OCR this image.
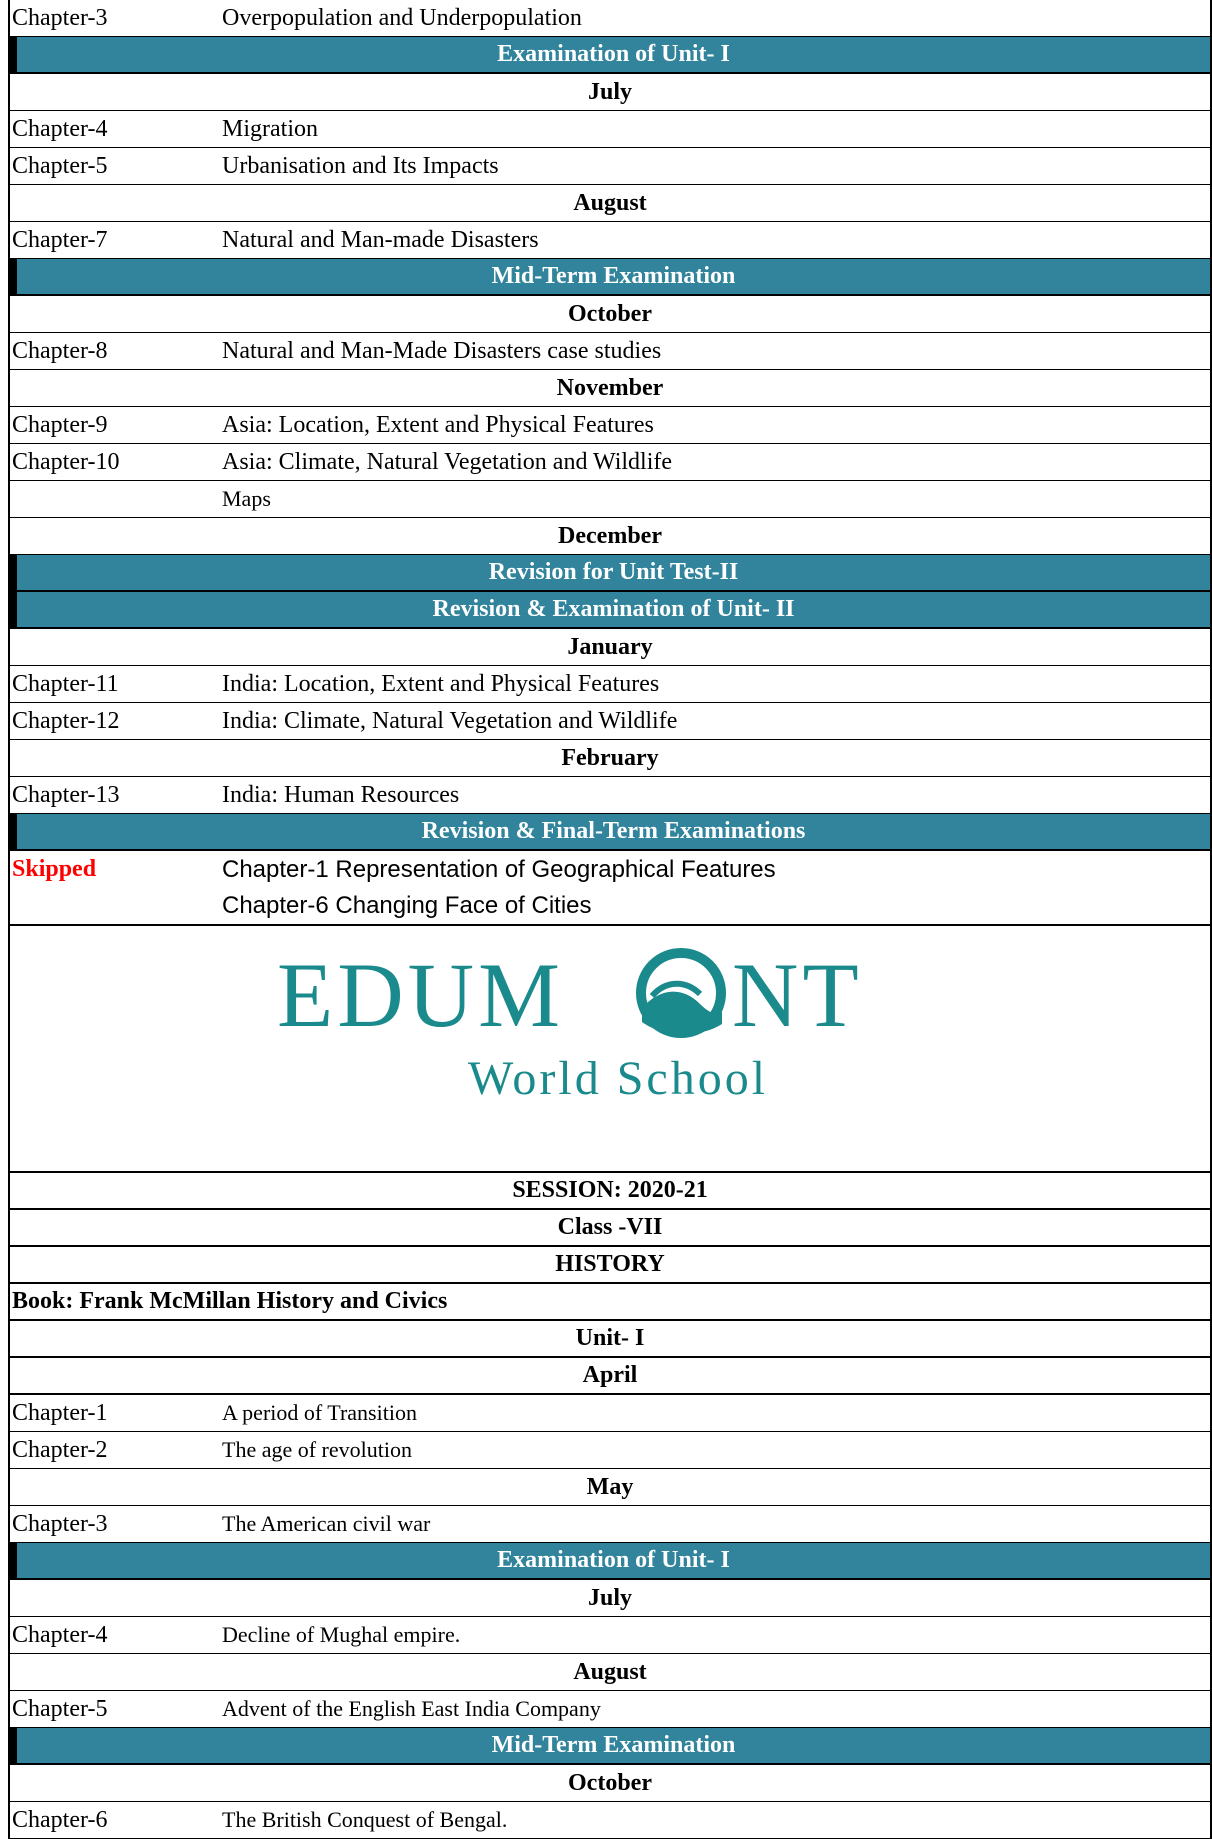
Chapter-3	Overpopulation and Underpopulation
Examination of Unit- I
July
Chapter-4	Migration
Chapter-5	Urbanisation and Its Impacts
August
Chapter-7	Natural and Man-made Disasters
Mid-Term Examination
October
Chapter-8	Natural and Man-Made Disasters case studies
November
Chapter-9	Asia: Location, Extent and Physical Features
Chapter-10	Asia: Climate, Natural Vegetation and Wildlife
Maps
December
Revision for Unit Test-II
Revision & Examination of Unit- II
January
Chapter-11	India: Location, Extent and Physical Features
Chapter-12	India: Climate, Natural Vegetation and Wildlife
February
Chapter-13	India: Human Resources
Revision & Final-Term Examinations
Skipped	Chapter-1 Representation of Geographical Features
Chapter-6 Changing Face of Cities
EDUM NT
World School
SESSION: 2020-21
Class -VII
HISTORY
Book: Frank McMillan History and Civics
Unit- I
April
Chapter-1	A period of Transition
Chapter-2	The age of revolution
May
Chapter-3	The American civil war
Examination of Unit- I
July
Chapter-4	Decline of Mughal empire.
August
Chapter-5	Advent of the English East India Company
Mid-Term Examination
October
Chapter-6	The British Conquest of Bengal.
